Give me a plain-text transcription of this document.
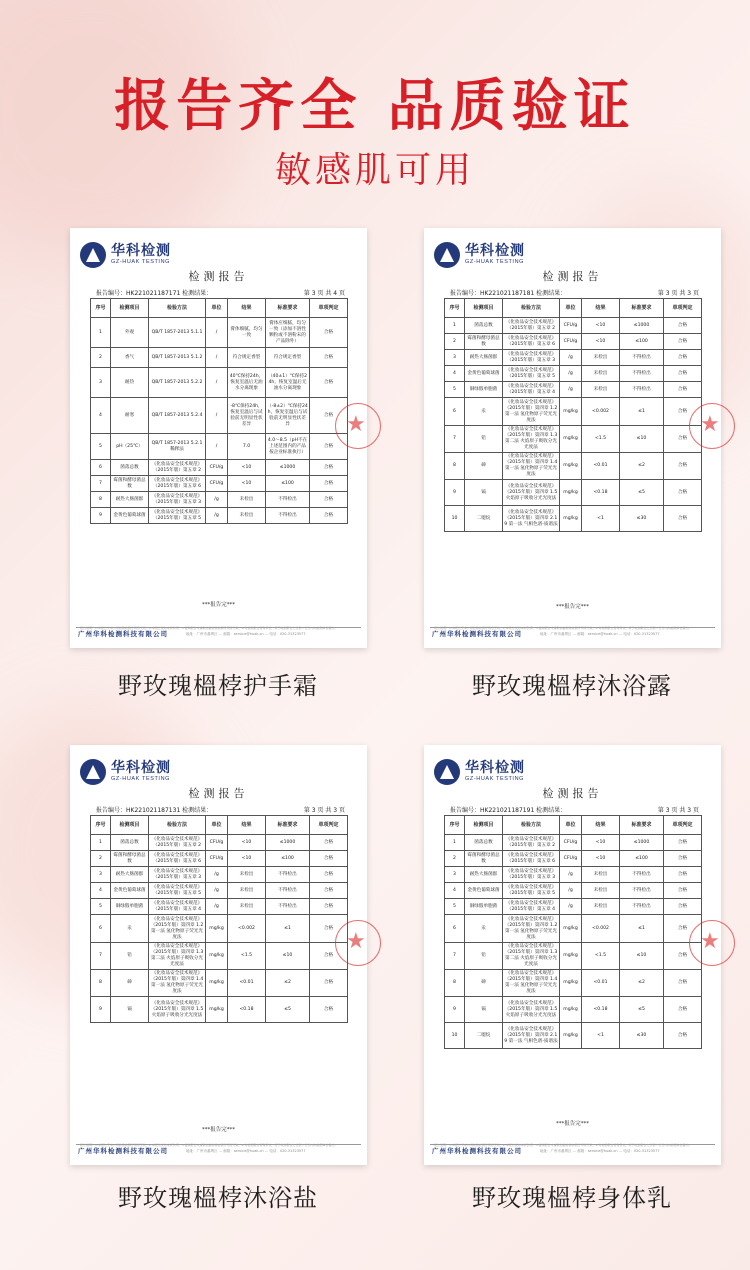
报告齐全 品质验证
敏感肌可用
华科检测
GZ-HUAK TESTING
检测报告
报告编号：HK221021187171 检测结果：	第 3 页 共 4 页
序号	检测项目	检验方法	单位	结果	标准要求	单项判定
1	外观	QB/T 1857-2013 5.1.1	/	膏体细腻，均匀一致	膏体应细腻，均匀一致（添加不溶性颗粒或不溶粉末的产品除外）	合格
2	香气	QB/T 1857-2013 5.1.2	/	符合规定香型	符合规定香型	合格
3	耐热	QB/T 1857-2013 5.2.2	/	40℃保持24h，恢复室温后无油水分离现象	（40±1）℃保持24h，恢复室温后无油水分离现象	合格
4	耐寒	QB/T 1857-2013 5.2.4	/	-8℃保持24h，恢复室温后与试验前无明显性状差异	（-8±2）℃保持24h，恢复室温后与试验前无明显性状差异	合格
5	pH（25℃）	QB/T 1857-2013 5.2.1 稀释法	/	7.0	4.0～8.5（pH不在上述范围内的产品按企业标准执行）	合格
6	菌落总数	《化妆品安全技术规范》（2015年版）第五章 2	CFU/g	<10	≤1000	合格
7	霉菌和酵母菌总数	《化妆品安全技术规范》（2015年版）第五章 6	CFU/g	<10	≤100	合格
8	耐热大肠菌群	《化妆品安全技术规范》（2015年版）第五章 3	/g	未检出	不得检出	合格
9	金黄色葡萄球菌	《化妆品安全技术规范》（2015年版）第五章 5	/g	未检出	不得检出	合格
***报告完***
报告说明：1.本报告无本公司检验检测专用章无效；2.本报告仅对来样负责；3.复制报告未重新加盖检验检测专用章无效；4.对检测报告若有异议，应于收到报告之日起十五日内向检测单位提出。
广州华科检测科技有限公司	地址：广州市番禺区 … 邮箱：service@huak.cn … 电话：020-31323577
★
野玫瑰榲桲护手霜
华科检测
GZ-HUAK TESTING
检测报告
报告编号：HK221021187181 检测结果：	第 3 页 共 3 页
序号	检测项目	检验方法	单位	结果	标准要求	单项判定
1	菌落总数	《化妆品安全技术规范》（2015年版）第五章 2	CFU/g	<10	≤1000	合格
2	霉菌和酵母菌总数	《化妆品安全技术规范》（2015年版）第五章 6	CFU/g	<10	≤100	合格
3	耐热大肠菌群	《化妆品安全技术规范》（2015年版）第五章 3	/g	未检出	不得检出	合格
4	金黄色葡萄球菌	《化妆品安全技术规范》（2015年版）第五章 5	/g	未检出	不得检出	合格
5	铜绿假单胞菌	《化妆品安全技术规范》（2015年版）第五章 4	/g	未检出	不得检出	合格
6	汞	《化妆品安全技术规范》（2015年版）第四章 1.2 第一法 氢化物原子荧光光度法	mg/kg	<0.002	≤1	合格
7	铅	《化妆品安全技术规范》（2015年版）第四章 1.3 第二法 火焰原子吸收分光光度法	mg/kg	<1.5	≤10	合格
8	砷	《化妆品安全技术规范》（2015年版）第四章 1.4 第一法 氢化物原子荧光光度法	mg/kg	<0.01	≤2	合格
9	镉	《化妆品安全技术规范》（2015年版）第四章 1.5 火焰原子吸收分光光度法	mg/kg	<0.18	≤5	合格
10	二噁烷	《化妆品安全技术规范》（2015年版）第四章 2.19 第一法 气相色谱-质谱法	mg/kg	<1	≤30	合格
***报告完***
报告说明：1.本报告无本公司检验检测专用章无效；2.本报告仅对来样负责；3.复制报告未重新加盖检验检测专用章无效；4.对检测报告若有异议，应于收到报告之日起十五日内向检测单位提出。
广州华科检测科技有限公司	地址：广州市番禺区 … 邮箱：service@huak.cn … 电话：020-31323577
★
野玫瑰榲桲沐浴露
华科检测
GZ-HUAK TESTING
检测报告
报告编号：HK221021187131 检测结果：	第 3 页 共 3 页
序号	检测项目	检验方法	单位	结果	标准要求	单项判定
1	菌落总数	《化妆品安全技术规范》（2015年版）第五章 2	CFU/g	<10	≤1000	合格
2	霉菌和酵母菌总数	《化妆品安全技术规范》（2015年版）第五章 6	CFU/g	<10	≤100	合格
3	耐热大肠菌群	《化妆品安全技术规范》（2015年版）第五章 3	/g	未检出	不得检出	合格
4	金黄色葡萄球菌	《化妆品安全技术规范》（2015年版）第五章 5	/g	未检出	不得检出	合格
5	铜绿假单胞菌	《化妆品安全技术规范》（2015年版）第五章 4	/g	未检出	不得检出	合格
6	汞	《化妆品安全技术规范》（2015年版）第四章 1.2 第一法 氢化物原子荧光光度法	mg/kg	<0.002	≤1	合格
7	铅	《化妆品安全技术规范》（2015年版）第四章 1.3 第二法 火焰原子吸收分光光度法	mg/kg	<1.5	≤10	合格
8	砷	《化妆品安全技术规范》（2015年版）第四章 1.4 第一法 氢化物原子荧光光度法	mg/kg	<0.01	≤2	合格
9	镉	《化妆品安全技术规范》（2015年版）第四章 1.5 火焰原子吸收分光光度法	mg/kg	<0.18	≤5	合格
***报告完***
报告说明：1.本报告无本公司检验检测专用章无效；2.本报告仅对来样负责；3.复制报告未重新加盖检验检测专用章无效；4.对检测报告若有异议，应于收到报告之日起十五日内向检测单位提出。
广州华科检测科技有限公司	地址：广州市番禺区 … 邮箱：service@huak.cn … 电话：020-31323577
★
野玫瑰榲桲沐浴盐
华科检测
GZ-HUAK TESTING
检测报告
报告编号：HK221021187191 检测结果：	第 3 页 共 3 页
序号	检测项目	检验方法	单位	结果	标准要求	单项判定
1	菌落总数	《化妆品安全技术规范》（2015年版）第五章 2	CFU/g	<10	≤1000	合格
2	霉菌和酵母菌总数	《化妆品安全技术规范》（2015年版）第五章 6	CFU/g	<10	≤100	合格
3	耐热大肠菌群	《化妆品安全技术规范》（2015年版）第五章 3	/g	未检出	不得检出	合格
4	金黄色葡萄球菌	《化妆品安全技术规范》（2015年版）第五章 5	/g	未检出	不得检出	合格
5	铜绿假单胞菌	《化妆品安全技术规范》（2015年版）第五章 4	/g	未检出	不得检出	合格
6	汞	《化妆品安全技术规范》（2015年版）第四章 1.2 第一法 氢化物原子荧光光度法	mg/kg	<0.002	≤1	合格
7	铅	《化妆品安全技术规范》（2015年版）第四章 1.3 第二法 火焰原子吸收分光光度法	mg/kg	<1.5	≤10	合格
8	砷	《化妆品安全技术规范》（2015年版）第四章 1.4 第一法 氢化物原子荧光光度法	mg/kg	<0.01	≤2	合格
9	镉	《化妆品安全技术规范》（2015年版）第四章 1.5 火焰原子吸收分光光度法	mg/kg	<0.18	≤5	合格
10	二噁烷	《化妆品安全技术规范》（2015年版）第四章 2.19 第一法 气相色谱-质谱法	mg/kg	<1	≤30	合格
***报告完***
报告说明：1.本报告无本公司检验检测专用章无效；2.本报告仅对来样负责；3.复制报告未重新加盖检验检测专用章无效；4.对检测报告若有异议，应于收到报告之日起十五日内向检测单位提出。
广州华科检测科技有限公司	地址：广州市番禺区 … 邮箱：service@huak.cn … 电话：020-31323577
★
野玫瑰榲桲身体乳
